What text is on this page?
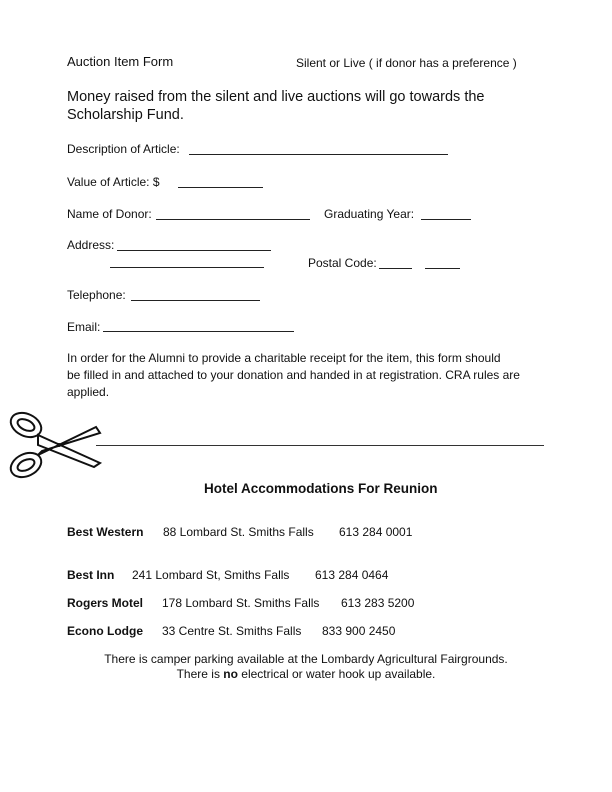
Auction Item Form	Silent or Live ( if donor has a preference )
Money raised from the silent and live auctions will go towards the
Scholarship Fund.
Description of Article:
Value of Article: $
Name of Donor:	Graduating Year:
Address:
Postal Code:
Telephone:
Email:
In order for the Alumni to provide a charitable receipt for the item, this form should
be filled in and attached to your donation and handed in at registration. CRA rules are
applied.
Hotel Accommodations For Reunion
Best Western 88 Lombard St. Smiths Falls 613 284 0001
Best Inn 241 Lombard St, Smiths Falls 613 284 0464
Rogers Motel 178 Lombard St. Smiths Falls 613 283 5200
Econo Lodge 33 Centre St. Smiths Falls 833 900 2450
There is camper parking available at the Lombardy Agricultural Fairgrounds.
There is no electrical or water hook up available.
